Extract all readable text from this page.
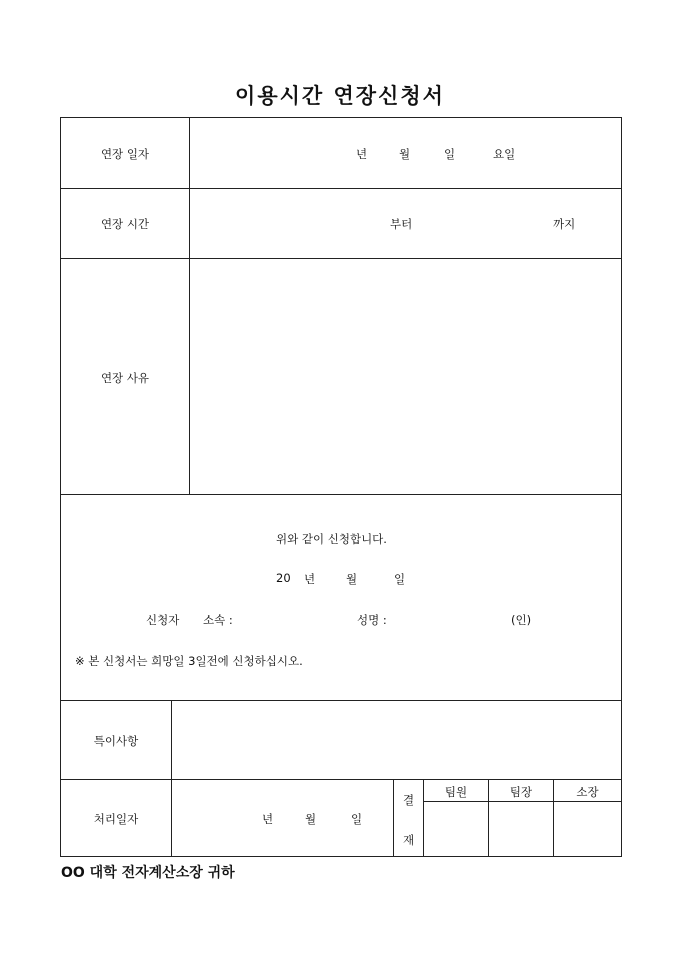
이용시간 연장신청서
연장 일자	년	월	일	요일
연장 시간	부터	까지
연장 사유
위와 같이 신청합니다.
20 년	월	일
신청자 소속 :	성명 :	(인)
※ 본 신청서는 희망일 3일전에 신청하십시오.
특이사항
처리일자	년	월	일
결
재
팀원	팀장	소장
OO 대학 전자계산소장 귀하
